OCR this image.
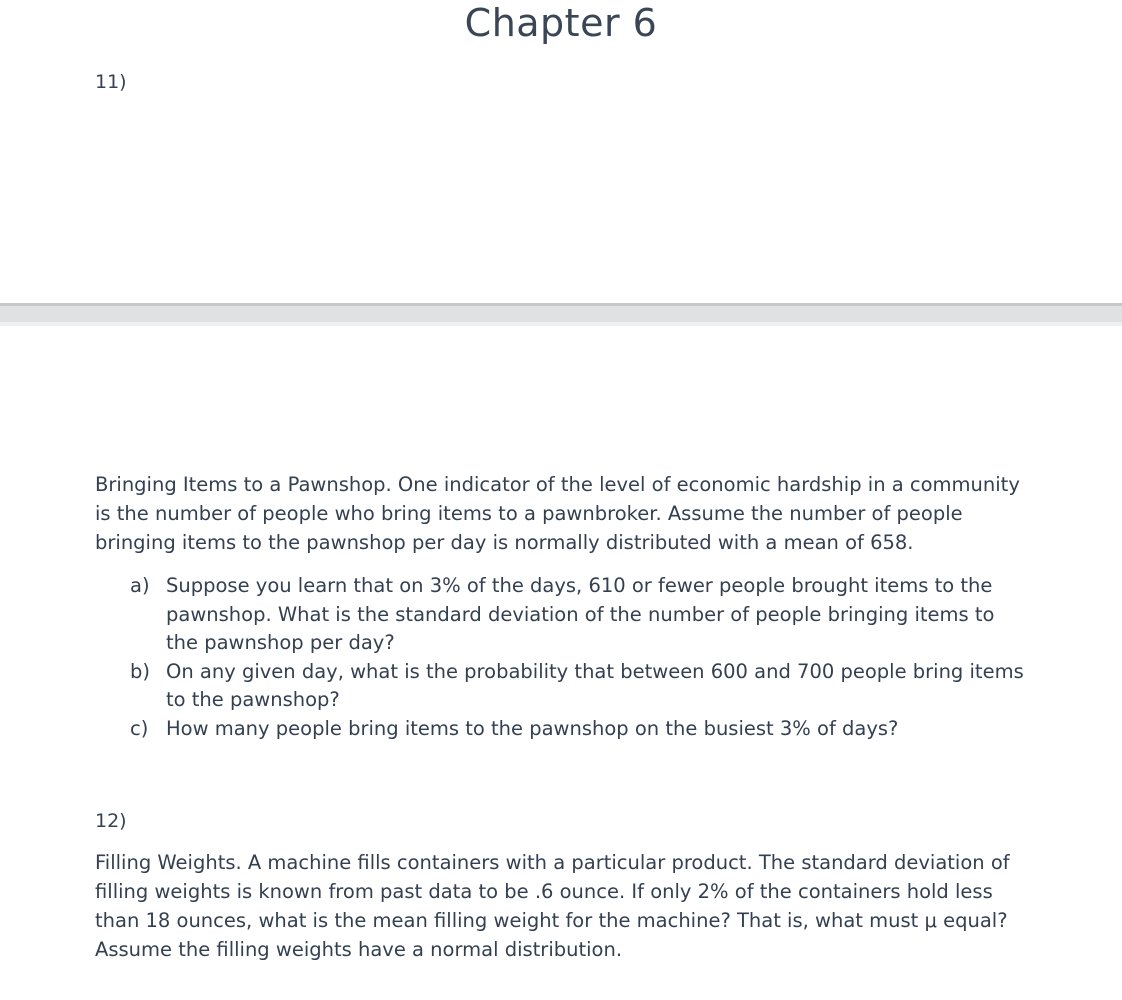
Chapter 6
11)

Bringing Items to a Pawnshop. One indicator of the level of economic hardship in a community is the number of people who bring items to a pawnbroker. Assume the number of people bringing items to the pawnshop per day is normally distributed with a mean of 658.

a) Suppose you learn that on 3% of the days, 610 or fewer people brought items to the pawnshop. What is the standard deviation of the number of people bringing items to the pawnshop per day?
b) On any given day, what is the probability that between 600 and 700 people bring items to the pawnshop?
c) How many people bring items to the pawnshop on the busiest 3% of days?
12)

Filling Weights. A machine fills containers with a particular product. The standard deviation of filling weights is known from past data to be .6 ounce. If only 2% of the containers hold less than 18 ounces, what is the mean filling weight for the machine? That is, what must μ equal? Assume the filling weights have a normal distribution.
